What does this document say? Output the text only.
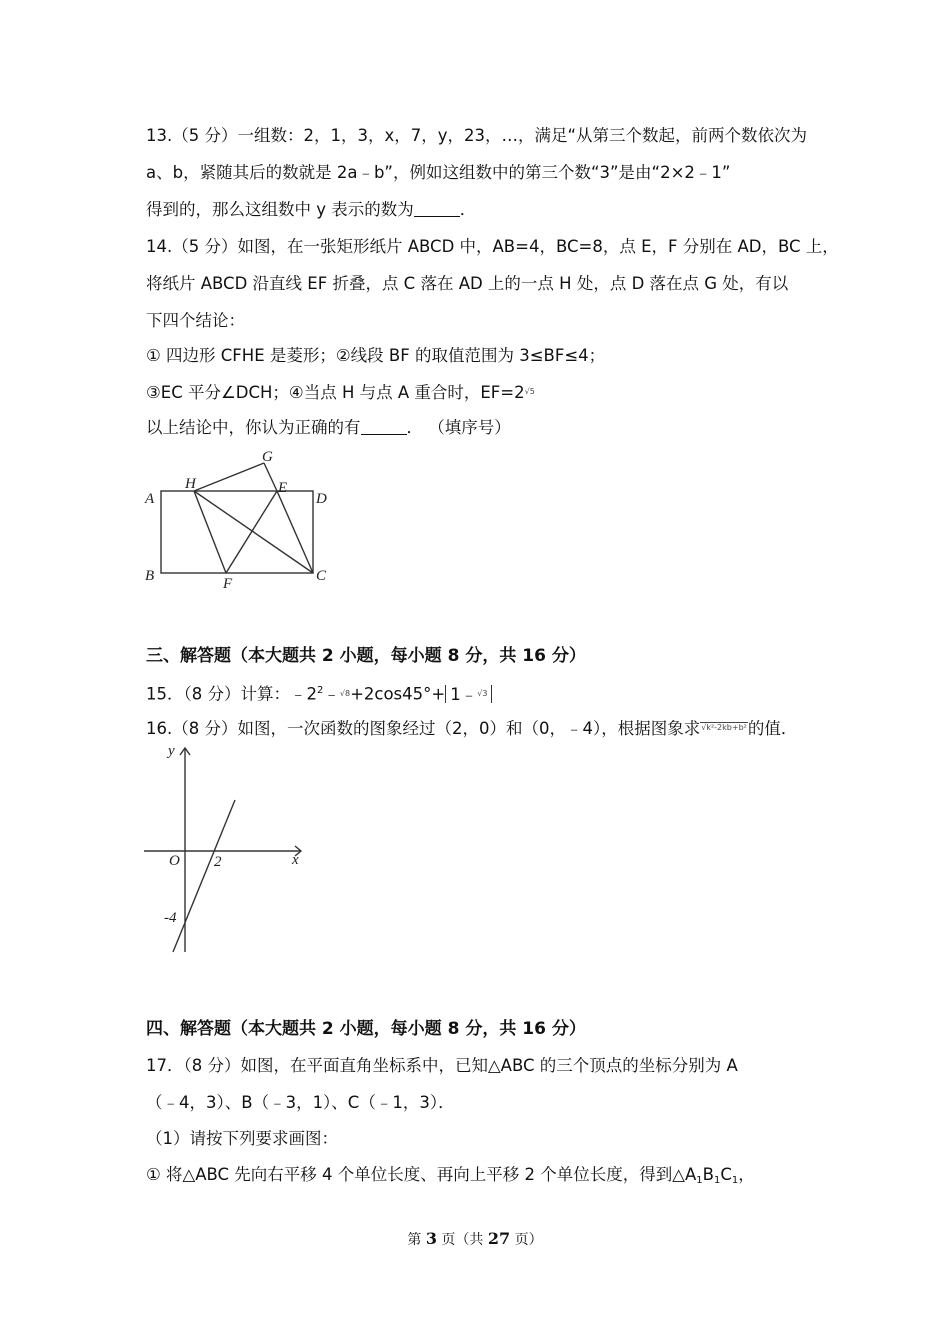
13.（5 分）一组数：2，1，3，x，7，y，23，…，满足“从第三个数起，前两个数依次为
a、b，紧随其后的数就是 2a﹣b”，例如这组数中的第三个数“3”是由“2×2﹣1”
得到的，那么这组数中 y 表示的数为	．
14.（5 分）如图，在一张矩形纸片 ABCD 中，AB=4，BC=8，点 E，F 分别在 AD，BC 上，
将纸片 ABCD 沿直线 EF 折叠，点 C 落在 AD 上的一点 H 处，点 D 落在点 G 处，有以
下四个结论：
① 四边形 CFHE 是菱形；②线段 BF 的取值范围为 3≤BF≤4；
③EC 平分∠DCH；④当点 H 与点 A 重合时，EF=2√5
以上结论中，你认为正确的有	． （填序号）
A
B	C
D
E
F
G
H
三、解答题（本大题共 2 小题，每小题 8 分，共 16 分）
15．（8 分）计算：$﹣2^2﹣√8+2\cos 45^\circ+$ 1﹣√3
16.（8 分）如图，一次函数的图象经过（2，0）和（0，﹣4），根据图象求√k²-2kb+b²的值．
y
x
O 2
-4
四、解答题（本大题共 2 小题，每小题 8 分，共 16 分）
17．（8 分）如图，在平面直角坐标系中，已知△ABC 的三个顶点的坐标分别为 A
（﹣4，3）、B（﹣3，1）、C（﹣1，3）．
（1）请按下列要求画图：
① 将△ABC 先向右平移 4 个单位长度、再向上平移 2 个单位长度，得到$\triangle A_1B_1C_1$，
第 3 页（共 27 页）
